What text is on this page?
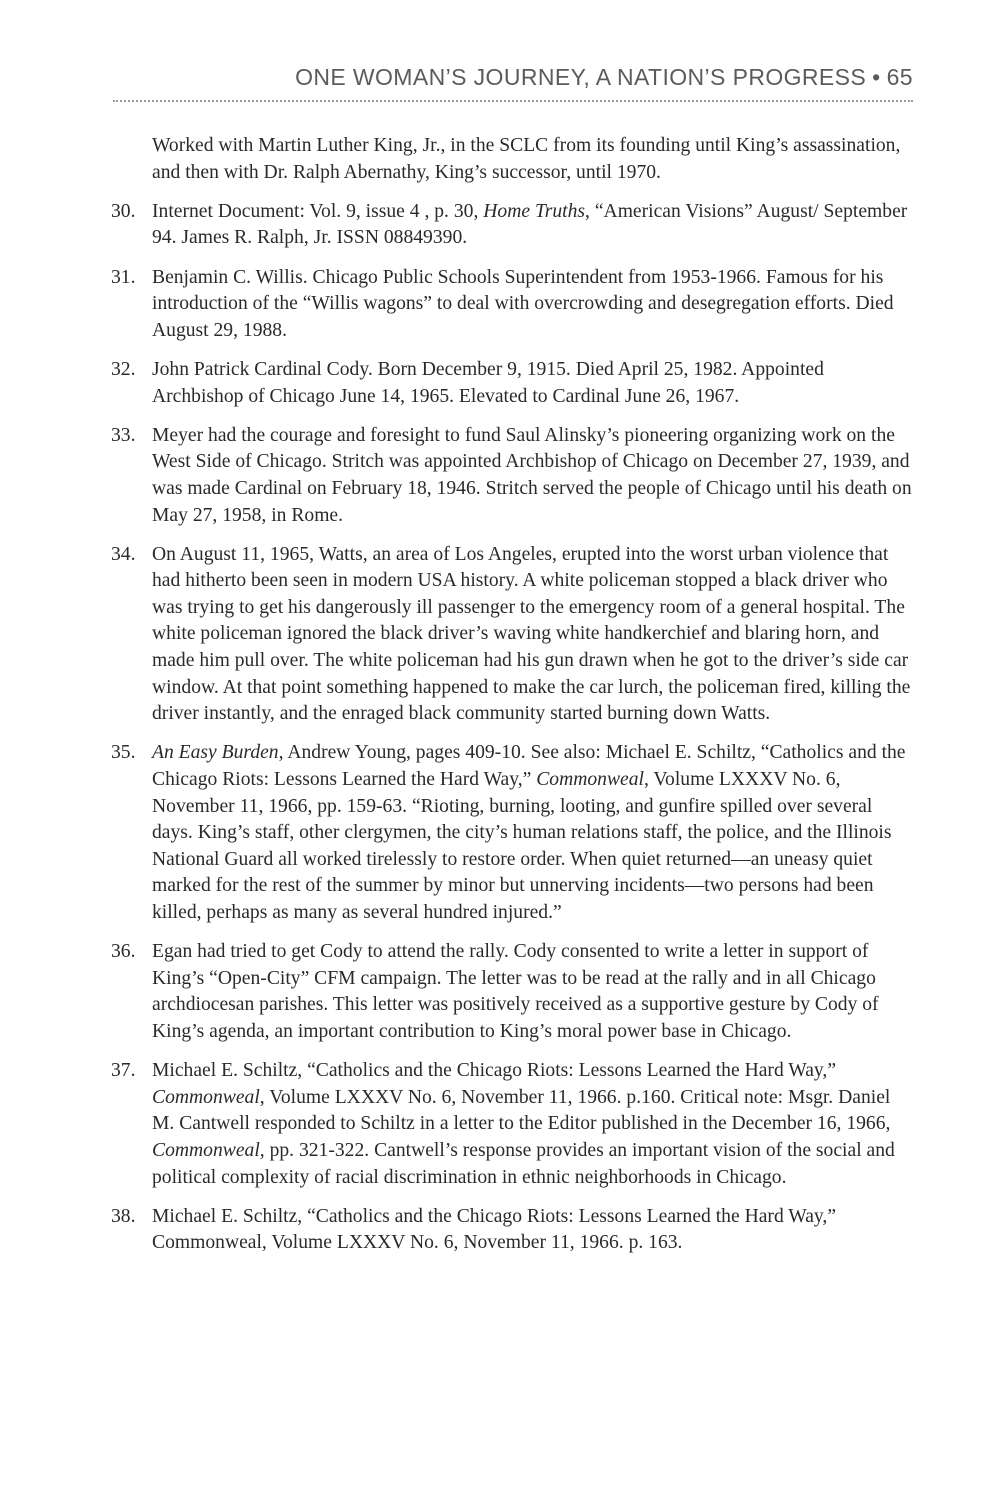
ONE WOMAN’S JOURNEY, A NATION’S PROGRESS • 65
Worked with Martin Luther King, Jr., in the SCLC from its founding until King’s assassination, and then with Dr. Ralph Abernathy, King’s successor, until 1970.
30. Internet Document: Vol. 9, issue 4 , p. 30, Home Truths, “American Visions” August/ September 94. James R. Ralph, Jr. ISSN 08849390.
31. Benjamin C. Willis. Chicago Public Schools Superintendent from 1953-1966. Famous for his introduction of the “Willis wagons” to deal with overcrowding and desegregation efforts. Died August 29, 1988.
32. John Patrick Cardinal Cody. Born December 9, 1915. Died April 25, 1982. Appointed Archbishop of Chicago June 14, 1965. Elevated to Cardinal June 26, 1967.
33. Meyer had the courage and foresight to fund Saul Alinsky’s pioneering organizing work on the West Side of Chicago. Stritch was appointed Archbishop of Chicago on December 27, 1939, and was made Cardinal on February 18, 1946. Stritch served the people of Chicago until his death on May 27, 1958, in Rome.
34. On August 11, 1965, Watts, an area of Los Angeles, erupted into the worst urban violence that had hitherto been seen in modern USA history. A white policeman stopped a black driver who was trying to get his dangerously ill passenger to the emergency room of a general hospital. The white policeman ignored the black driver’s waving white handkerchief and blaring horn, and made him pull over. The white policeman had his gun drawn when he got to the driver’s side car window. At that point something happened to make the car lurch, the policeman fired, killing the driver instantly, and the enraged black community started burning down Watts.
35. An Easy Burden, Andrew Young, pages 409-10. See also: Michael E. Schiltz, “Catholics and the Chicago Riots: Lessons Learned the Hard Way,” Commonweal, Volume LXXXV No. 6, November 11, 1966, pp. 159-63. “Rioting, burning, looting, and gunfire spilled over several days. King’s staff, other clergymen, the city’s human relations staff, the police, and the Illinois National Guard all worked tirelessly to restore order. When quiet returned—an uneasy quiet marked for the rest of the summer by minor but unnerving incidents—two persons had been killed, perhaps as many as several hundred injured.”
36. Egan had tried to get Cody to attend the rally. Cody consented to write a letter in support of King’s “Open-City” CFM campaign. The letter was to be read at the rally and in all Chicago archdiocesan parishes. This letter was positively received as a supportive gesture by Cody of King’s agenda, an important contribution to King’s moral power base in Chicago.
37. Michael E. Schiltz, “Catholics and the Chicago Riots: Lessons Learned the Hard Way,” Commonweal, Volume LXXXV No. 6, November 11, 1966. p.160. Critical note: Msgr. Daniel M. Cantwell responded to Schiltz in a letter to the Editor published in the December 16, 1966, Commonweal, pp. 321-322. Cantwell’s response provides an important vision of the social and political complexity of racial discrimination in ethnic neighborhoods in Chicago.
38. Michael E. Schiltz, “Catholics and the Chicago Riots: Lessons Learned the Hard Way,” Commonweal, Volume LXXXV No. 6, November 11, 1966. p. 163.
